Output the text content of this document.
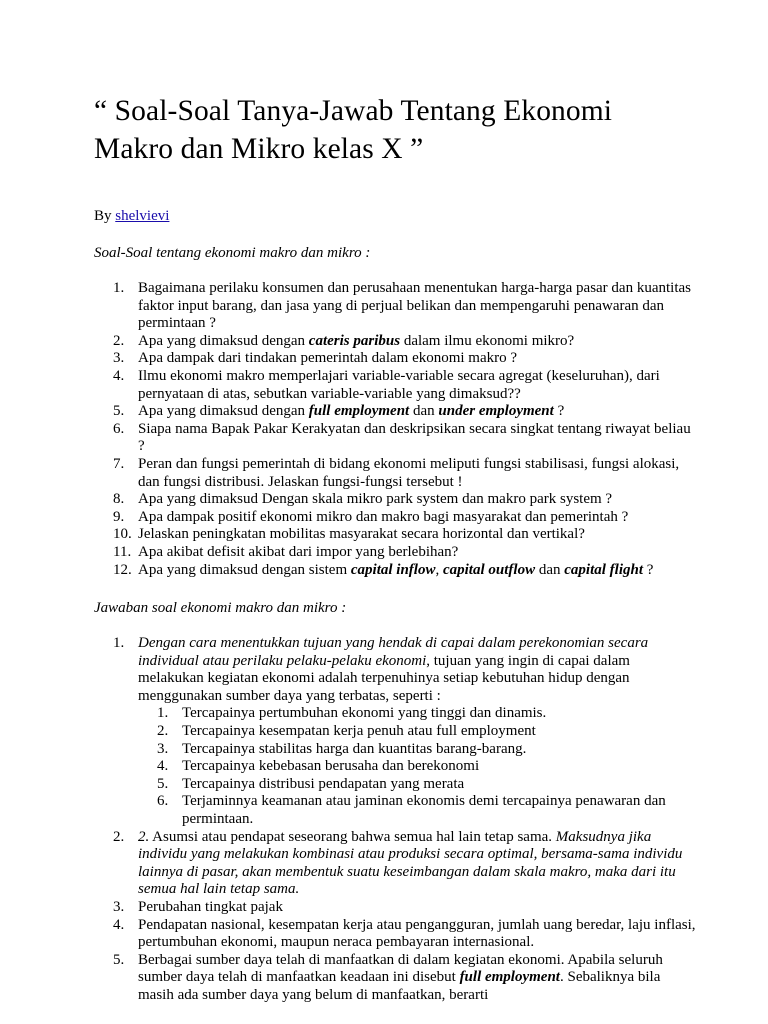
“ Soal-Soal Tanya-Jawab Tentang Ekonomi Makro dan Mikro kelas X ”
By shelvievi
Soal-Soal tentang ekonomi makro dan mikro :
1. Bagaimana perilaku konsumen dan perusahaan menentukan harga-harga pasar dan kuantitas faktor input barang, dan jasa yang di perjual belikan dan mempengaruhi penawaran dan permintaan ?
2. Apa yang dimaksud dengan cateris paribus dalam ilmu ekonomi mikro?
3. Apa dampak dari tindakan pemerintah dalam ekonomi makro ?
4. Ilmu ekonomi makro memperlajari variable-variable secara agregat (keseluruhan), dari pernyataan di atas, sebutkan variable-variable yang dimaksud??
5. Apa yang dimaksud dengan full employment dan under employment ?
6. Siapa nama Bapak Pakar Kerakyatan dan deskripsikan secara singkat tentang riwayat beliau ?
7. Peran dan fungsi pemerintah di bidang ekonomi meliputi fungsi stabilisasi, fungsi alokasi, dan fungsi distribusi. Jelaskan fungsi-fungsi tersebut !
8. Apa yang dimaksud Dengan skala mikro park system dan makro park system ?
9. Apa dampak positif ekonomi mikro dan makro bagi masyarakat dan pemerintah ?
10. Jelaskan peningkatan mobilitas masyarakat secara horizontal dan vertikal?
11. Apa akibat defisit akibat dari impor yang berlebihan?
12. Apa yang dimaksud dengan sistem capital inflow, capital outflow dan capital flight ?
Jawaban soal ekonomi makro dan mikro :
1. Dengan cara menentukkan tujuan yang hendak di capai dalam perekonomian secara individual atau perilaku pelaku-pelaku ekonomi, tujuan yang ingin di capai dalam melakukan kegiatan ekonomi adalah terpenuhinya setiap kebutuhan hidup dengan menggunakan sumber daya yang terbatas, seperti :
1. Tercapainya pertumbuhan ekonomi yang tinggi dan dinamis.
2. Tercapainya kesempatan kerja penuh atau full employment
3. Tercapainya stabilitas harga dan kuantitas barang-barang.
4. Tercapainya kebebasan berusaha dan berekonomi
5. Tercapainya distribusi pendapatan yang merata
6. Terjaminnya keamanan atau jaminan ekonomis demi tercapainya penawaran dan permintaan.
2. 2. Asumsi atau pendapat seseorang bahwa semua hal lain tetap sama. Maksudnya jika individu yang melakukan kombinasi atau produksi secara optimal, bersama-sama individu lainnya di pasar, akan membentuk suatu keseimbangan dalam skala makro, maka dari itu semua hal lain tetap sama.
3. Perubahan tingkat pajak
4. Pendapatan nasional, kesempatan kerja atau pengangguran, jumlah uang beredar, laju inflasi, pertumbuhan ekonomi, maupun neraca pembayaran internasional.
5. Berbagai sumber daya telah di manfaatkan di dalam kegiatan ekonomi. Apabila seluruh sumber daya telah di manfaatkan keadaan ini disebut full employment. Sebaliknya bila masih ada sumber daya yang belum di manfaatkan, berarti
